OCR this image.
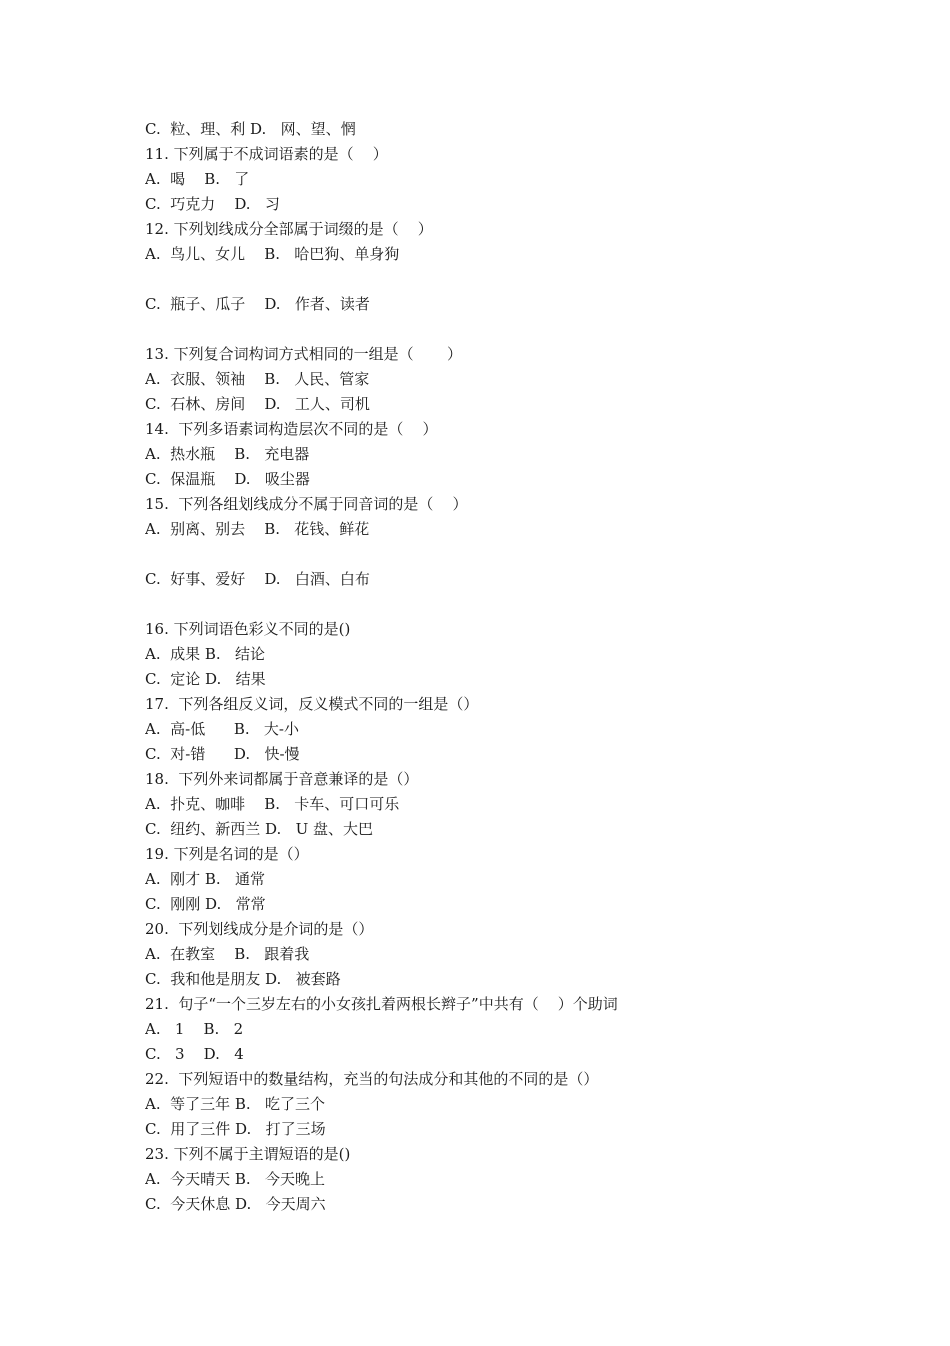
C.  粒、理、利 D.   网、望、惘
11. 下列属于不成词语素的是（    ）
A.  喝    B.   了
C.  巧克力    D.   习
12. 下列划线成分全部属于词缀的是（    ）
A.  鸟儿、女儿    B.   哈巴狗、单身狗
C.  瓶子、瓜子    D.   作者、读者
13. 下列复合词构词方式相同的一组是（       ）
A.  衣服、领袖    B.   人民、管家
C.  石林、房间    D.   工人、司机
14.  下列多语素词构造层次不同的是（    ）
A.  热水瓶    B.   充电器
C.  保温瓶    D.   吸尘器
15.  下列各组划线成分不属于同音词的是（    ）
A.  别离、别去    B.   花钱、鲜花
C.  好事、爱好    D.   白酒、白布
16. 下列词语色彩义不同的是()
A.  成果 B.   结论
C.  定论 D.   结果
17.  下列各组反义词，反义模式不同的一组是（）
A.  高-低      B.   大-小
C.  对-错      D.   快-慢
18.  下列外来词都属于音意兼译的是（）
A.  扑克、咖啡    B.   卡车、可口可乐
C.  纽约、新西兰 D.   U 盘、大巴
19. 下列是名词的是（）
A.  刚才 B.   通常
C.  刚刚 D.   常常
20.  下列划线成分是介词的是（）
A.  在教室    B.   跟着我
C.  我和他是朋友 D.   被套路
21.  句子“一个三岁左右的小女孩扎着两根长辫子”中共有（    ）个助词
A.   1    B.   2
C.   3    D.   4
22.  下列短语中的数量结构，充当的句法成分和其他的不同的是（）
A.  等了三年 B.   吃了三个
C.  用了三件 D.   打了三场
23. 下列不属于主谓短语的是()
A.  今天晴天 B.   今天晚上
C.  今天休息 D.   今天周六
